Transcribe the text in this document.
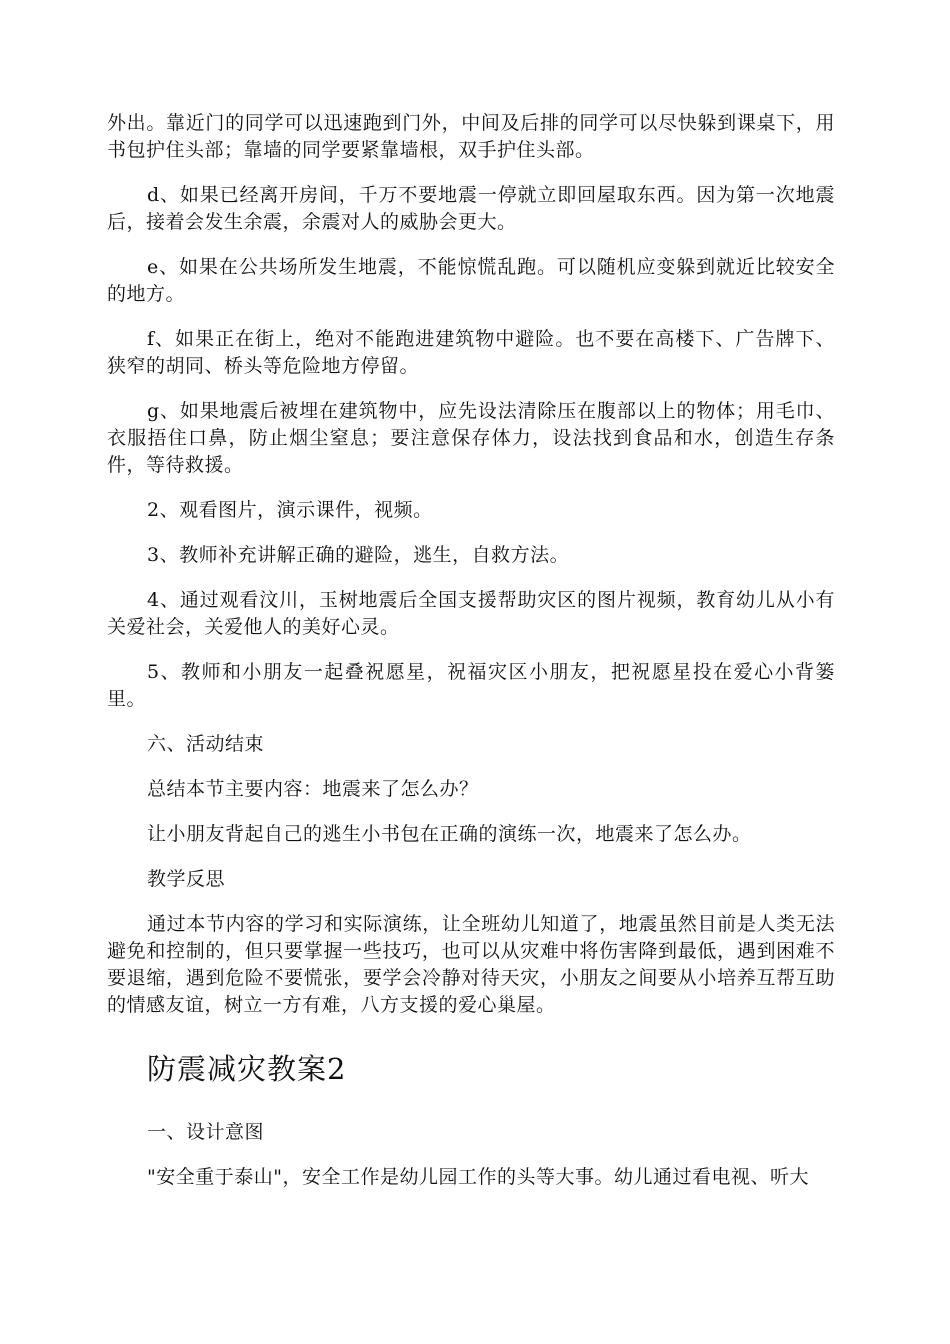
外出。靠近门的同学可以迅速跑到门外，中间及后排的同学可以尽快躲到课桌下，用书包护住头部；靠墙的同学要紧靠墙根，双手护住头部。

d、如果已经离开房间，千万不要地震一停就立即回屋取东西。因为第一次地震后，接着会发生余震，余震对人的威胁会更大。

e、如果在公共场所发生地震，不能惊慌乱跑。可以随机应变躲到就近比较安全的地方。

f、如果正在街上，绝对不能跑进建筑物中避险。也不要在高楼下、广告牌下、狭窄的胡同、桥头等危险地方停留。

g、如果地震后被埋在建筑物中，应先设法清除压在腹部以上的物体；用毛巾、衣服捂住口鼻，防止烟尘窒息；要注意保存体力，设法找到食品和水，创造生存条件，等待救援。

2、观看图片，演示课件，视频。

3、教师补充讲解正确的避险，逃生，自救方法。

4、通过观看汶川，玉树地震后全国支援帮助灾区的图片视频，教育幼儿从小有关爱社会，关爱他人的美好心灵。

5、教师和小朋友一起叠祝愿星，祝福灾区小朋友，把祝愿星投在爱心小背篓里。

六、活动结束

总结本节主要内容：地震来了怎么办？

让小朋友背起自己的逃生小书包在正确的演练一次，地震来了怎么办。

教学反思

通过本节内容的学习和实际演练，让全班幼儿知道了，地震虽然目前是人类无法避免和控制的，但只要掌握一些技巧，也可以从灾难中将伤害降到最低，遇到困难不要退缩，遇到危险不要慌张，要学会冷静对待天灾，小朋友之间要从小培养互帮互助的情感友谊，树立一方有难，八方支援的爱心巢屋。

防震减灾教案2

一、设计意图

"安全重于泰山"，安全工作是幼儿园工作的头等大事。幼儿通过看电视、听大
